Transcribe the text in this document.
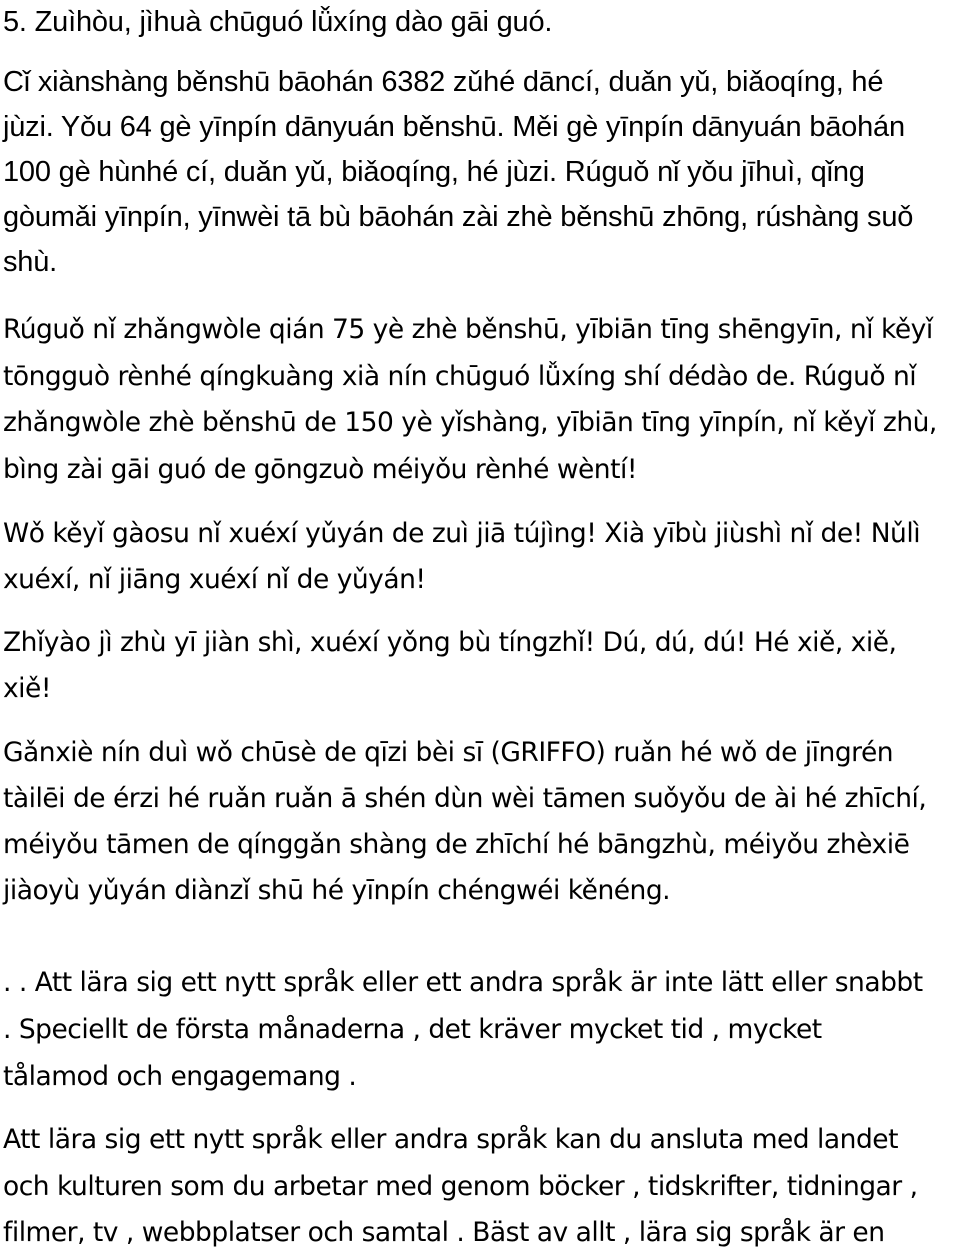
5. Zuìhòu, jìhuà chūguó lǚxíng dào gāi guó.

Cǐ xiànshàng běnshū bāohán 6382 zǔhé dāncí, duǎn yǔ, biǎoqíng, hé
jùzi. Yǒu 64 gè yīnpín dānyuán běnshū. Měi gè yīnpín dānyuán bāohán
100 gè hùnhé cí, duǎn yǔ, biǎoqíng, hé jùzi. Rúguǒ nǐ yǒu jīhuì, qǐng
gòumǎi yīnpín, yīnwèi tā bù bāohán zài zhè běnshū zhōng, rúshàng suǒ
shù.

Rúguǒ nǐ zhǎngwòle qián 75 yè zhè běnshū, yībiān tīng shēngyīn, nǐ kěyǐ
tōngguò rènhé qíngkuàng xià nín chūguó lǚxíng shí dédào de. Rúguǒ nǐ
zhǎngwòle zhè běnshū de 150 yè yǐshàng, yībiān tīng yīnpín, nǐ kěyǐ zhù,
bìng zài gāi guó de gōngzuò méiyǒu rènhé wèntí!

Wǒ kěyǐ gàosu nǐ xuéxí yǔyán de zuì jiā tújìng! Xià yībù jiùshì nǐ de! Nǔlì
xuéxí, nǐ jiāng xuéxí nǐ de yǔyán!

Zhǐyào jì zhù yī jiàn shì, xuéxí yǒng bù tíngzhǐ! Dú, dú, dú! Hé xiě, xiě,
xiě!

Gǎnxiè nín duì wǒ chūsè de qīzi bèi sī (GRIFFO) ruǎn hé wǒ de jīngrén
tàilēi de érzi hé ruǎn ruǎn ā shén dùn wèi tāmen suǒyǒu de ài hé zhīchí,
méiyǒu tāmen de qínggǎn shàng de zhīchí hé bāngzhù, méiyǒu zhèxiē
jiàoyù yǔyán diànzǐ shū hé yīnpín chéngwéi kěnéng.

. . Att lära sig ett nytt språk eller ett andra språk är inte lätt eller snabbt
. Speciellt de första månaderna , det kräver mycket tid , mycket
tålamod och engagemang .

Att lära sig ett nytt språk eller andra språk kan du ansluta med landet
och kulturen som du arbetar med genom böcker , tidskrifter, tidningar ,
filmer, tv , webbplatser och samtal . Bäst av allt , lära sig språk är en
